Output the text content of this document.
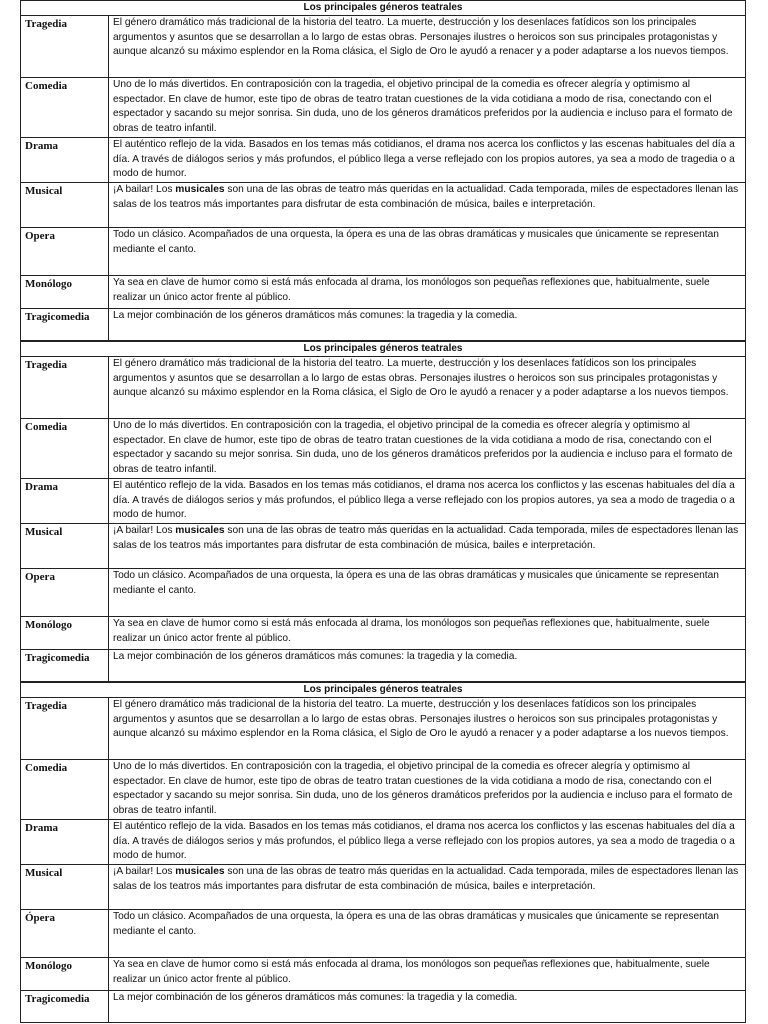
Los principales géneros teatrales	
Tragedia	El género dramático más tradicional de la historia del teatro. La muerte, destrucción y los desenlaces fatídicos son los principales argumentos y asuntos que se desarrollan a lo largo de estas obras. Personajes ilustres o heroicos son sus principales protagonistas y aunque alcanzó su máximo esplendor en la Roma clásica, el Siglo de Oro le ayudó a renacer y a poder adaptarse a los nuevos tiempos.
Comedia	Uno de lo más divertidos. En contraposición con la tragedia, el objetivo principal de la comedia es ofrecer alegría y optimismo al espectador. En clave de humor, este tipo de obras de teatro tratan cuestiones de la vida cotidiana a modo de risa, conectando con el espectador y sacando su mejor sonrisa. Sin duda, uno de los géneros dramáticos preferidos por la audiencia e incluso para el formato de obras de teatro infantil.
Drama	El auténtico reflejo de la vida. Basados en los temas más cotidianos, el drama nos acerca los conflictos y las escenas habituales del día a día. A través de diálogos serios y más profundos, el público llega a verse reflejado con los propios autores, ya sea a modo de tragedia o a modo de humor.
Musical	¡A bailar! Los musicales son una de las obras de teatro más queridas en la actualidad. Cada temporada, miles de espectadores llenan las salas de los teatros más importantes para disfrutar de esta combinación de música, bailes e interpretación.
Opera	Todo un clásico. Acompañados de una orquesta, la ópera es una de las obras dramáticas y musicales que únicamente se representan mediante el canto.
Monólogo	Ya sea en clave de humor como si está más enfocada al drama, los monólogos son pequeñas reflexiones que, habitualmente, suele realizar un único actor frente al público.
Tragicomedia	La mejor combinación de los géneros dramáticos más comunes: la tragedia y la comedia.
Los principales géneros teatrales	
Tragedia	El género dramático más tradicional de la historia del teatro. La muerte, destrucción y los desenlaces fatídicos son los principales argumentos y asuntos que se desarrollan a lo largo de estas obras. Personajes ilustres o heroicos son sus principales protagonistas y aunque alcanzó su máximo esplendor en la Roma clásica, el Siglo de Oro le ayudó a renacer y a poder adaptarse a los nuevos tiempos.
Comedia	Uno de lo más divertidos. En contraposición con la tragedia, el objetivo principal de la comedia es ofrecer alegría y optimismo al espectador. En clave de humor, este tipo de obras de teatro tratan cuestiones de la vida cotidiana a modo de risa, conectando con el espectador y sacando su mejor sonrisa. Sin duda, uno de los géneros dramáticos preferidos por la audiencia e incluso para el formato de obras de teatro infantil.
Drama	El auténtico reflejo de la vida. Basados en los temas más cotidianos, el drama nos acerca los conflictos y las escenas habituales del día a día. A través de diálogos serios y más profundos, el público llega a verse reflejado con los propios autores, ya sea a modo de tragedia o a modo de humor.
Musical	¡A bailar! Los musicales son una de las obras de teatro más queridas en la actualidad. Cada temporada, miles de espectadores llenan las salas de los teatros más importantes para disfrutar de esta combinación de música, bailes e interpretación.
Opera	Todo un clásico. Acompañados de una orquesta, la ópera es una de las obras dramáticas y musicales que únicamente se representan mediante el canto.
Monólogo	Ya sea en clave de humor como si está más enfocada al drama, los monólogos son pequeñas reflexiones que, habitualmente, suele realizar un único actor frente al público.
Tragicomedia	La mejor combinación de los géneros dramáticos más comunes: la tragedia y la comedia.
Los principales géneros teatrales	
Tragedia	El género dramático más tradicional de la historia del teatro. La muerte, destrucción y los desenlaces fatídicos son los principales argumentos y asuntos que se desarrollan a lo largo de estas obras. Personajes ilustres o heroicos son sus principales protagonistas y aunque alcanzó su máximo esplendor en la Roma clásica, el Siglo de Oro le ayudó a renacer y a poder adaptarse a los nuevos tiempos.
Comedia	Uno de lo más divertidos. En contraposición con la tragedia, el objetivo principal de la comedia es ofrecer alegría y optimismo al espectador. En clave de humor, este tipo de obras de teatro tratan cuestiones de la vida cotidiana a modo de risa, conectando con el espectador y sacando su mejor sonrisa. Sin duda, uno de los géneros dramáticos preferidos por la audiencia e incluso para el formato de obras de teatro infantil.
Drama	El auténtico reflejo de la vida. Basados en los temas más cotidianos, el drama nos acerca los conflictos y las escenas habituales del día a día. A través de diálogos serios y más profundos, el público llega a verse reflejado con los propios autores, ya sea a modo de tragedia o a modo de humor.
Musical	¡A bailar! Los musicales son una de las obras de teatro más queridas en la actualidad. Cada temporada, miles de espectadores llenan las salas de los teatros más importantes para disfrutar de esta combinación de música, bailes e interpretación.
Ópera	Todo un clásico. Acompañados de una orquesta, la ópera es una de las obras dramáticas y musicales que únicamente se representan mediante el canto.
Monólogo	Ya sea en clave de humor como si está más enfocada al drama, los monólogos son pequeñas reflexiones que, habitualmente, suele realizar un único actor frente al público.
Tragicomedia	La mejor combinación de los géneros dramáticos más comunes: la tragedia y la comedia.
